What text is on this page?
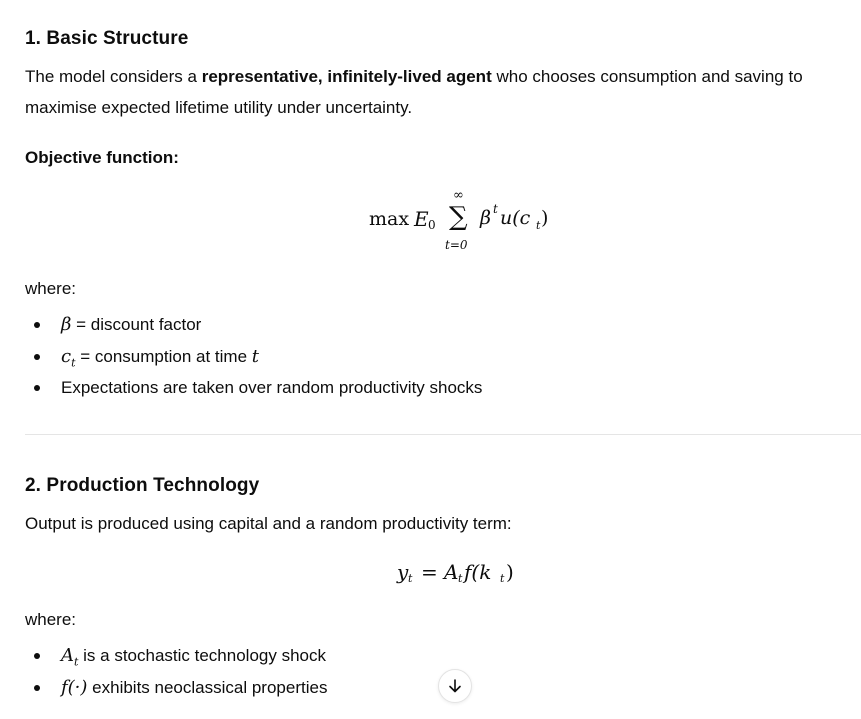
1. Basic Structure

The model considers a representative, infinitely-lived agent who chooses consumption and saving to maximise expected lifetime utility under uncertainty.

Objective function:

max E 0
∞
∑
t=0
β t u(c t )

where:

β = discount factor
$c_t$ = consumption at time t
Expectations are taken over random productivity shocks
2. Production Technology

Output is produced using capital and a random productivity term:

y t = A t f(k t )

where:

$A_t$ is a stochastic technology shock
f(·) exhibits neoclassical properties
